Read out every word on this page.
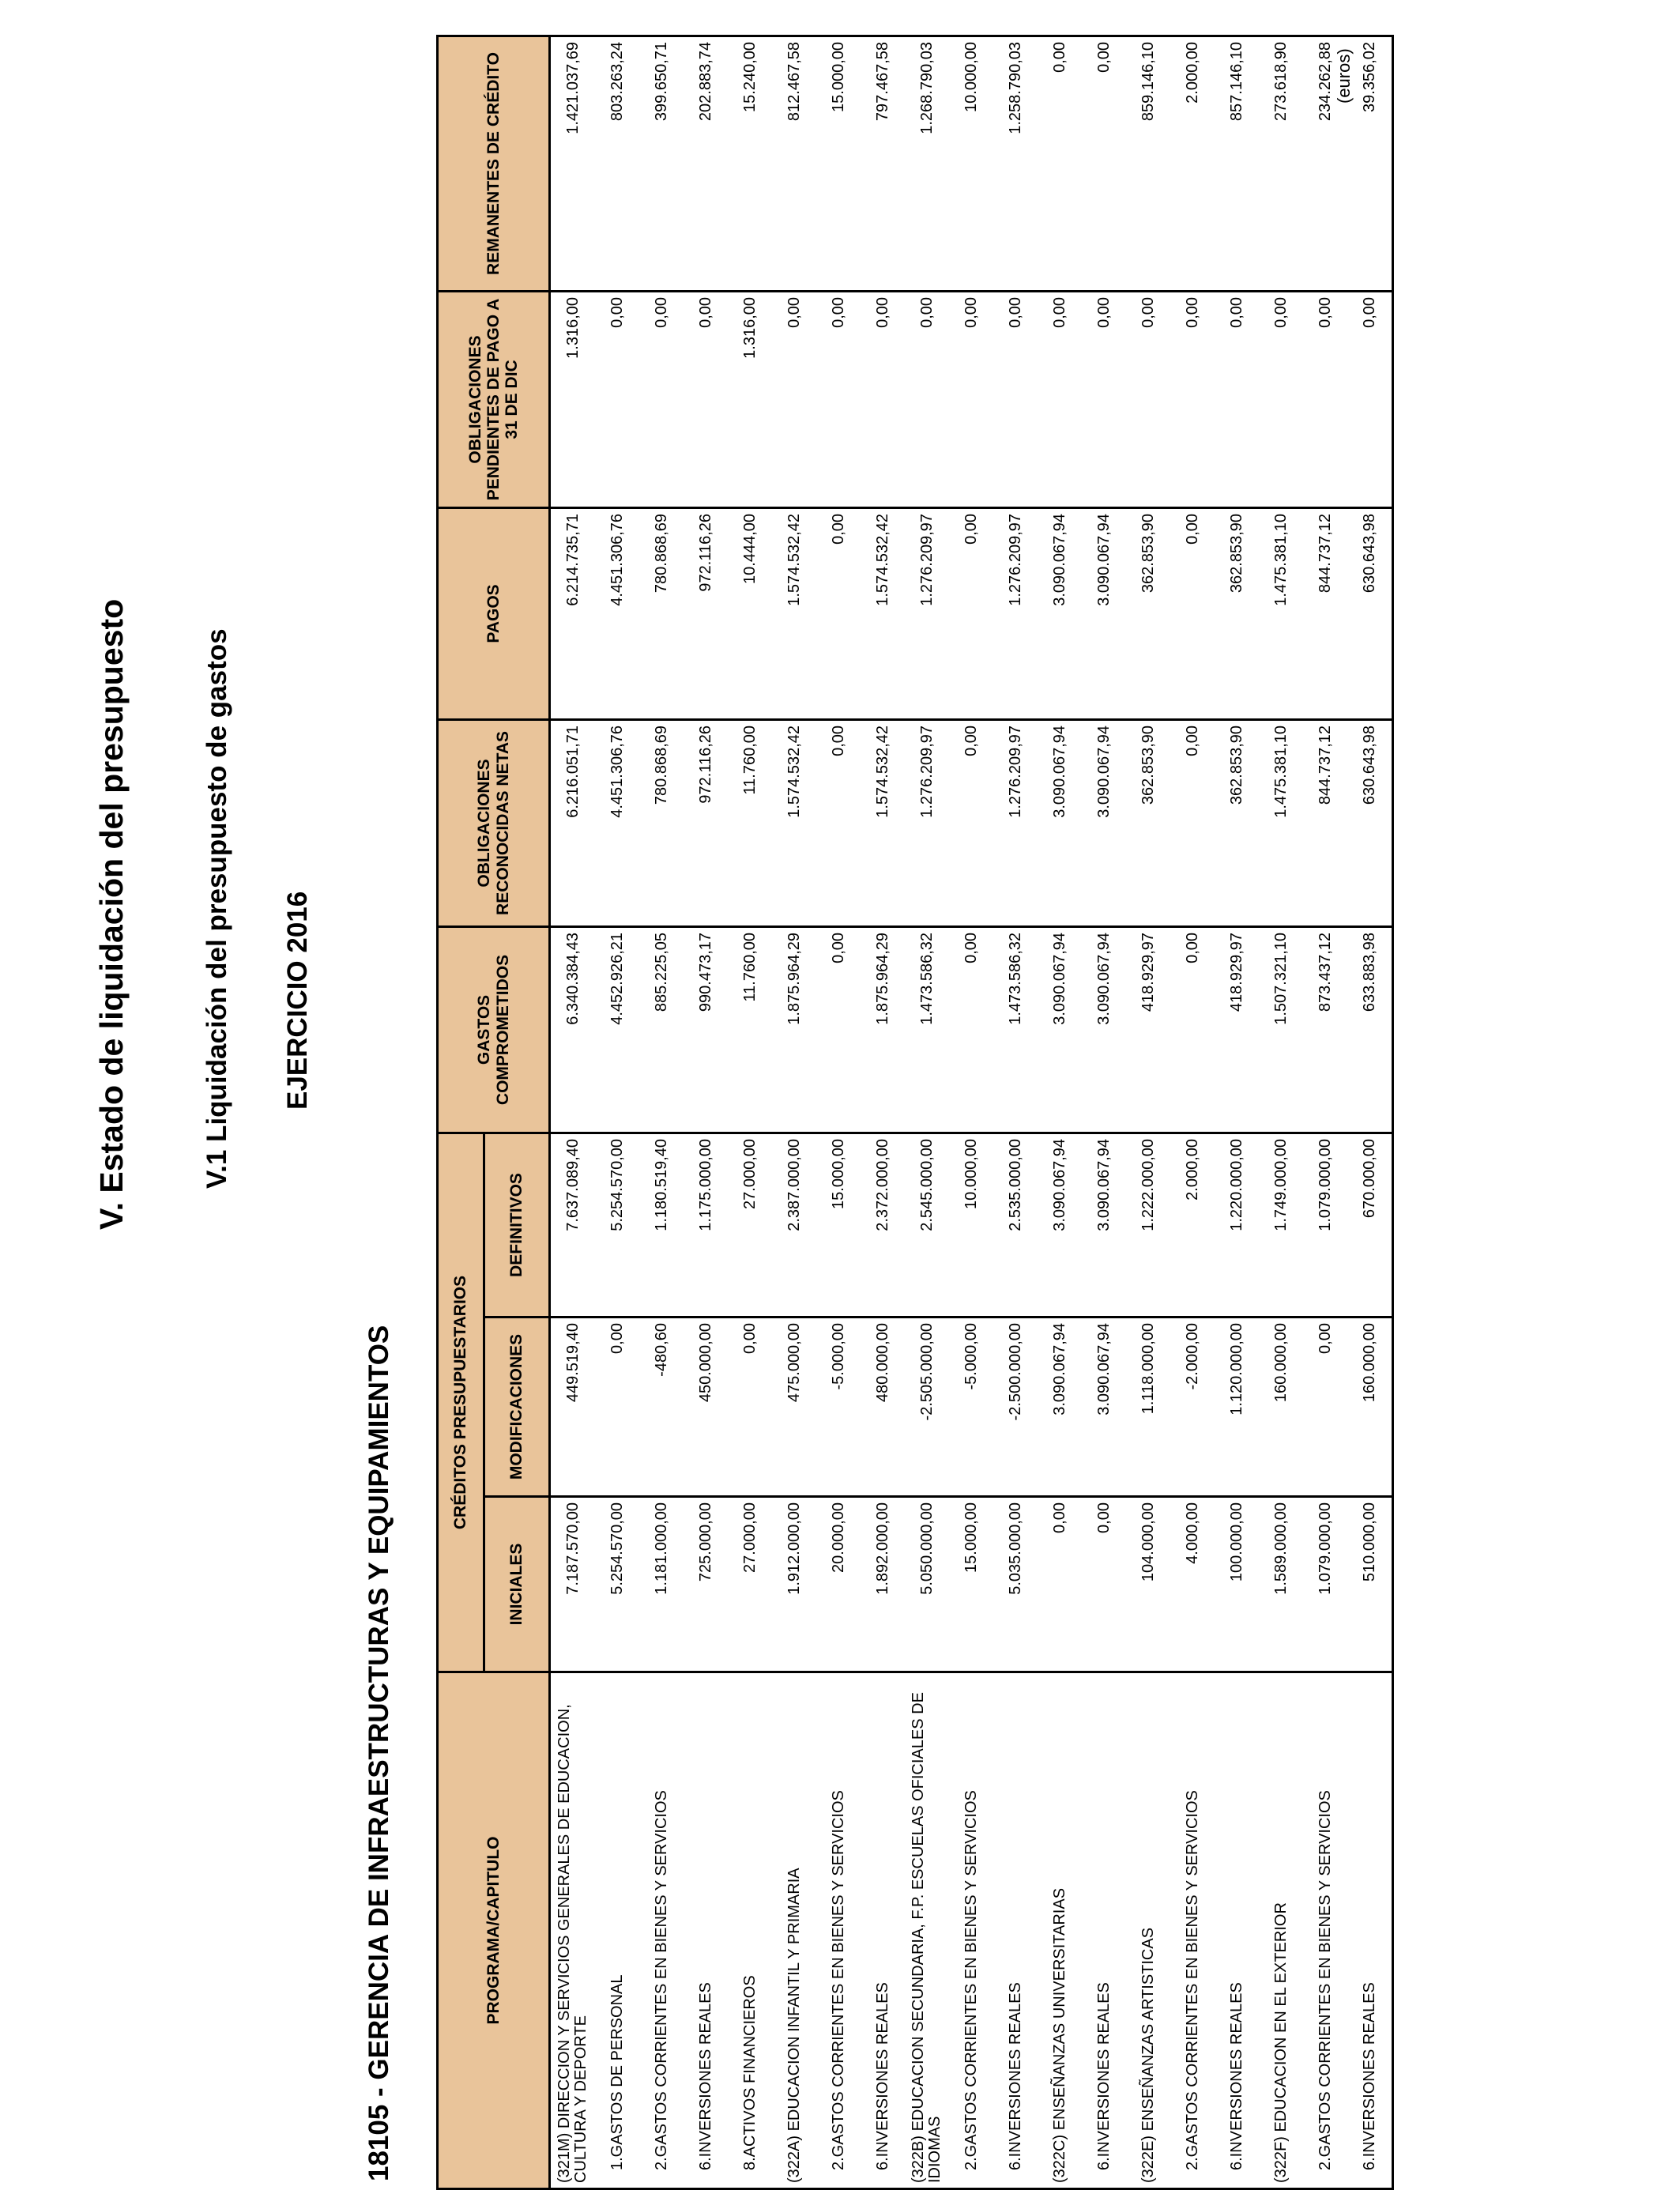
V. Estado de liquidación del presupuesto	V.1 Liquidación del presupuesto de gastos EJERCICIO 2016
18105 - GERENCIA DE INFRAESTRUCTURAS Y EQUIPAMIENTOS
(euros)
PROGRAMA/CAPITULO	CRÉDITOS PRESUPUESTARIOS			GASTOS COMPROMETIDOS	OBLIGACIONES RECONOCIDAS NETAS	PAGOS	OBLIGACIONES PENDIENTES DE PAGO A 31 DE DIC	REMANENTES DE CRÉDITO
	INICIALES	MODIFICACIONES	DEFINITIVOS					
(321M) DIRECCION Y SERVICIOS GENERALES DE EDUCACION, CULTURA Y DEPORTE	7.187.570,00	449.519,40	7.637.089,40	6.340.384,43	6.216.051,71	6.214.735,71	1.316,00	1.421.037,69
1.GASTOS DE PERSONAL	5.254.570,00	0,00	5.254.570,00	4.452.926,21	4.451.306,76	4.451.306,76	0,00	803.263,24
2.GASTOS CORRIENTES EN BIENES Y SERVICIOS	1.181.000,00	-480,60	1.180.519,40	885.225,05	780.868,69	780.868,69	0,00	399.650,71
6.INVERSIONES REALES	725.000,00	450.000,00	1.175.000,00	990.473,17	972.116,26	972.116,26	0,00	202.883,74
8.ACTIVOS FINANCIEROS	27.000,00	0,00	27.000,00	11.760,00	11.760,00	10.444,00	1.316,00	15.240,00
(322A) EDUCACION INFANTIL Y PRIMARIA	1.912.000,00	475.000,00	2.387.000,00	1.875.964,29	1.574.532,42	1.574.532,42	0,00	812.467,58
2.GASTOS CORRIENTES EN BIENES Y SERVICIOS	20.000,00	-5.000,00	15.000,00	0,00	0,00	0,00	0,00	15.000,00
6.INVERSIONES REALES	1.892.000,00	480.000,00	2.372.000,00	1.875.964,29	1.574.532,42	1.574.532,42	0,00	797.467,58
(322B) EDUCACION SECUNDARIA, F.P. ESCUELAS OFICIALES DE IDIOMAS	5.050.000,00	-2.505.000,00	2.545.000,00	1.473.586,32	1.276.209,97	1.276.209,97	0,00	1.268.790,03
2.GASTOS CORRIENTES EN BIENES Y SERVICIOS	15.000,00	-5.000,00	10.000,00	0,00	0,00	0,00	0,00	10.000,00
6.INVERSIONES REALES	5.035.000,00	-2.500.000,00	2.535.000,00	1.473.586,32	1.276.209,97	1.276.209,97	0,00	1.258.790,03
(322C) ENSEÑANZAS UNIVERSITARIAS	0,00	3.090.067,94	3.090.067,94	3.090.067,94	3.090.067,94	3.090.067,94	0,00	0,00
6.INVERSIONES REALES	0,00	3.090.067,94	3.090.067,94	3.090.067,94	3.090.067,94	3.090.067,94	0,00	0,00
(322E) ENSEÑANZAS ARTISTICAS	104.000,00	1.118.000,00	1.222.000,00	418.929,97	362.853,90	362.853,90	0,00	859.146,10
2.GASTOS CORRIENTES EN BIENES Y SERVICIOS	4.000,00	-2.000,00	2.000,00	0,00	0,00	0,00	0,00	2.000,00
6.INVERSIONES REALES	100.000,00	1.120.000,00	1.220.000,00	418.929,97	362.853,90	362.853,90	0,00	857.146,10
(322F) EDUCACION EN EL EXTERIOR	1.589.000,00	160.000,00	1.749.000,00	1.507.321,10	1.475.381,10	1.475.381,10	0,00	273.618,90
2.GASTOS CORRIENTES EN BIENES Y SERVICIOS	1.079.000,00	0,00	1.079.000,00	873.437,12	844.737,12	844.737,12	0,00	234.262,88
6.INVERSIONES REALES	510.000,00	160.000,00	670.000,00	633.883,98	630.643,98	630.643,98	0,00	39.356,02
